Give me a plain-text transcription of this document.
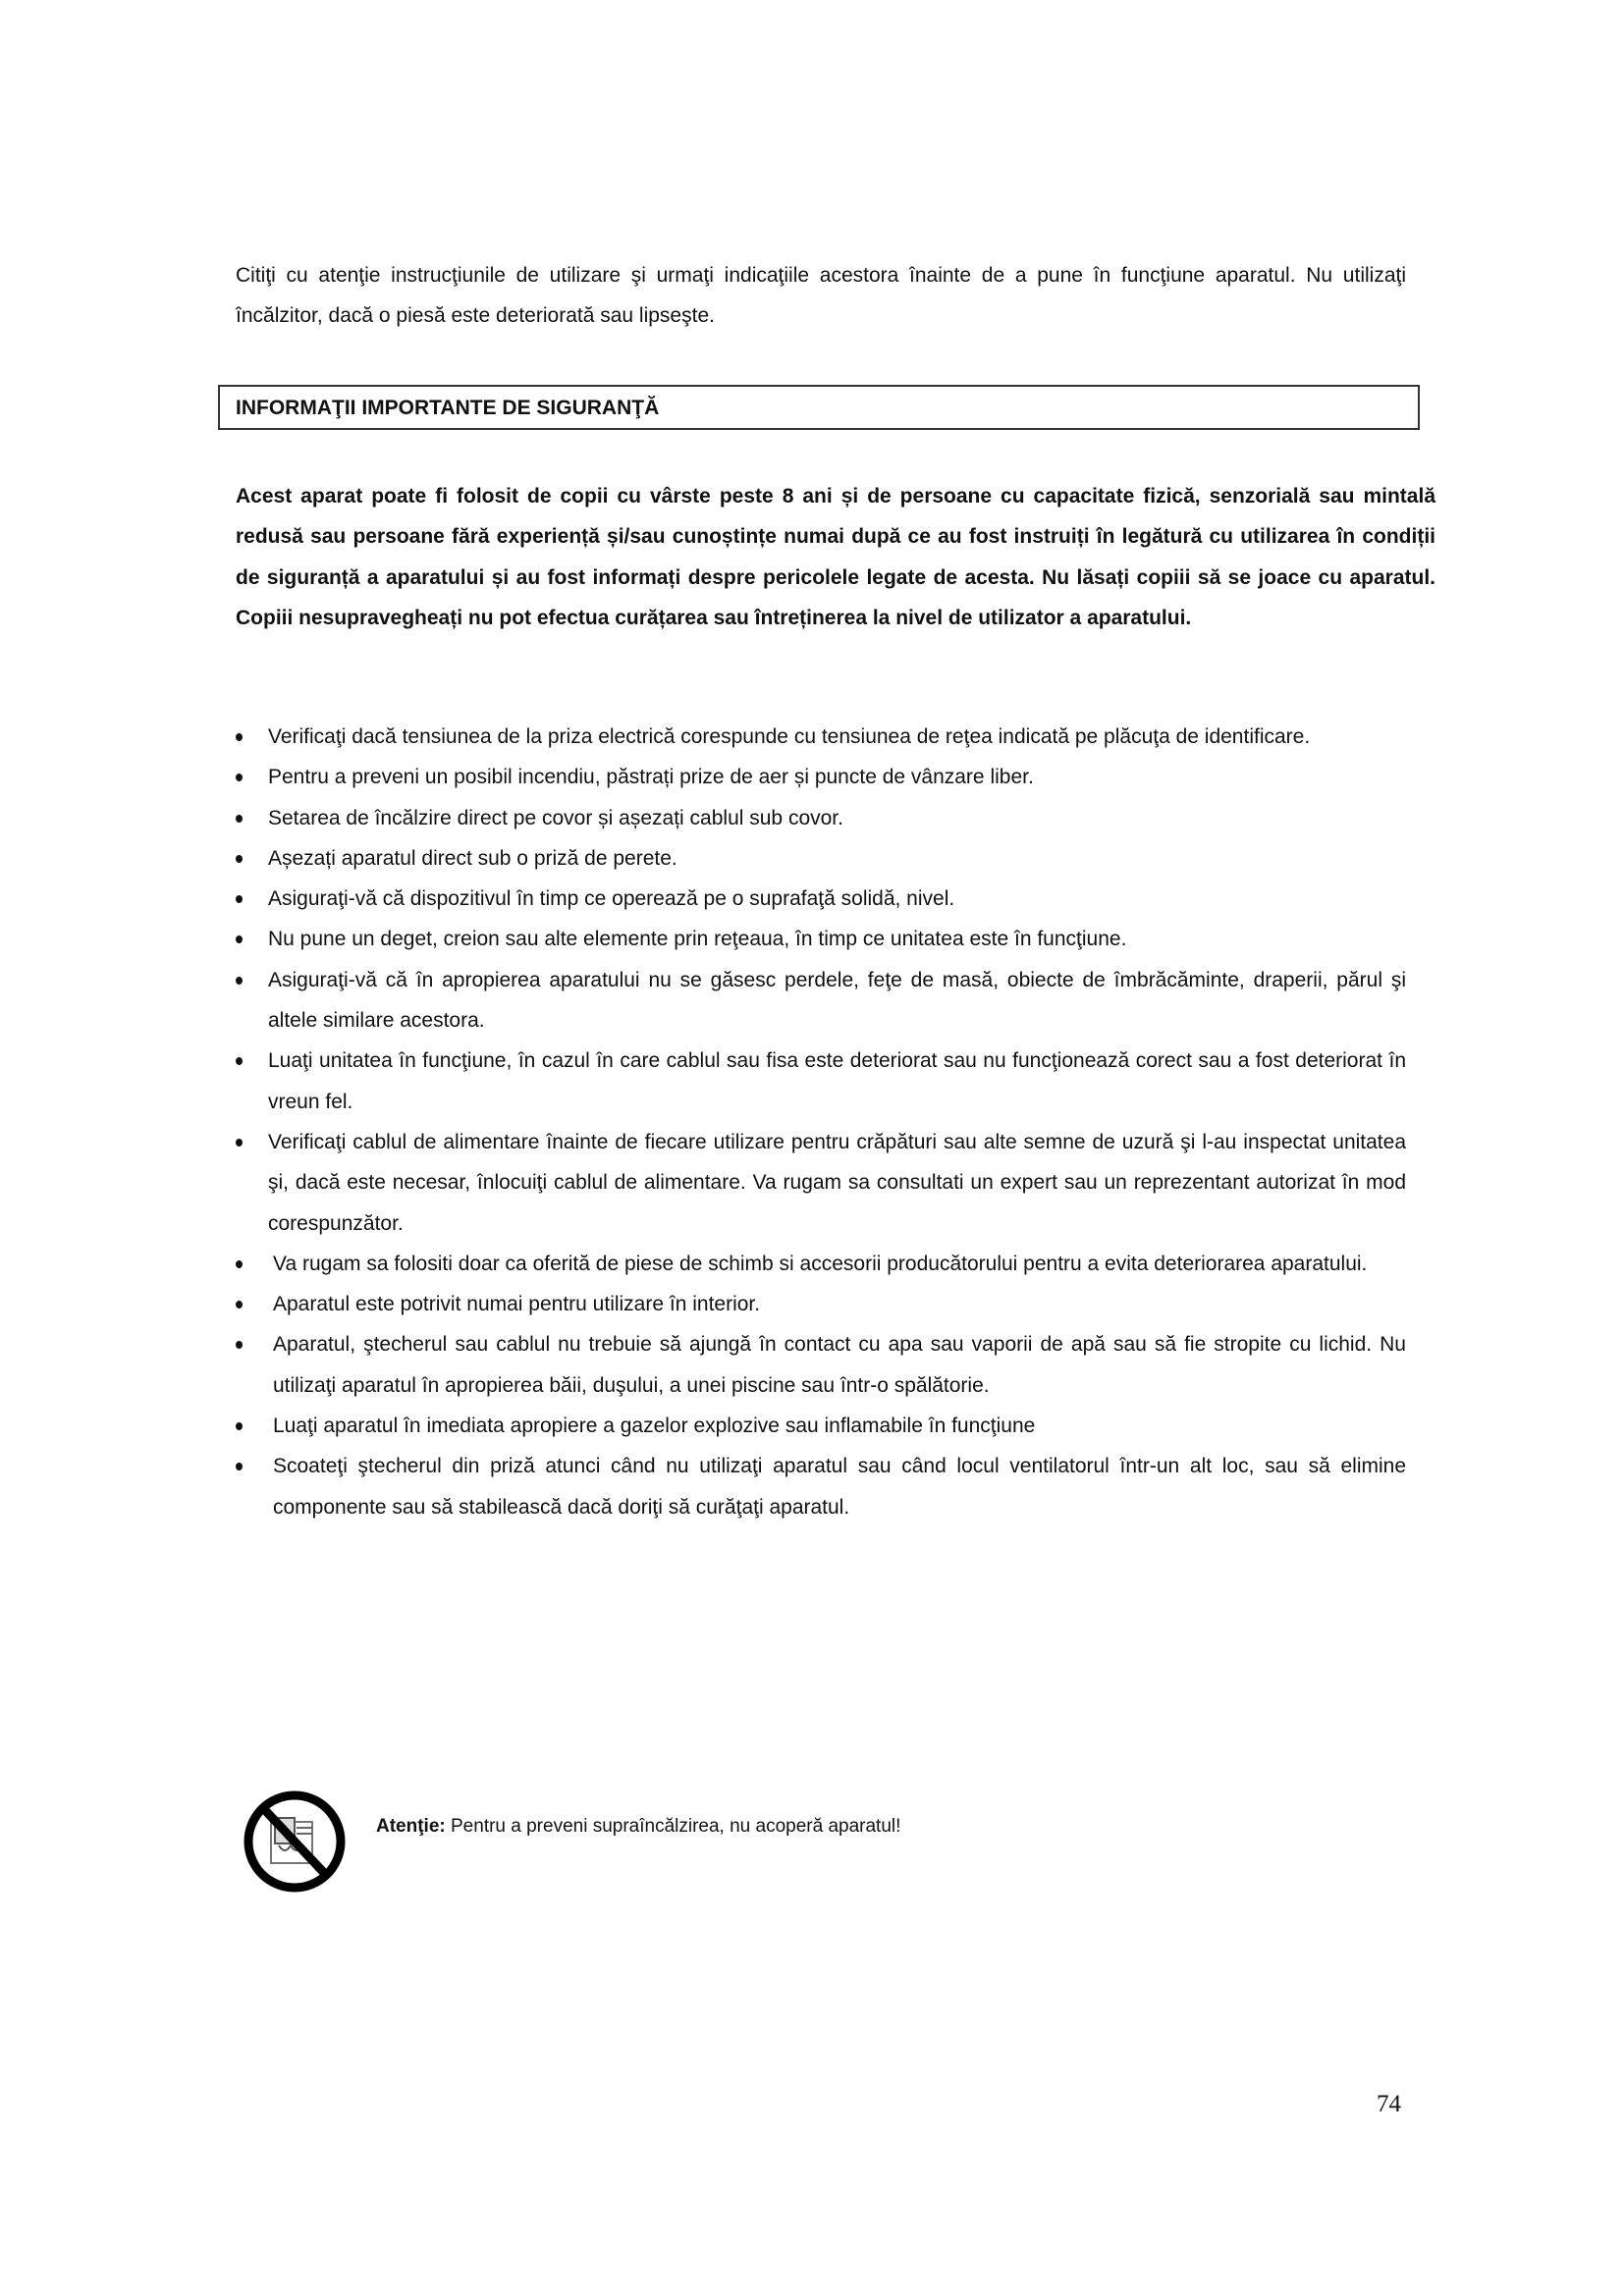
Citiţi cu atenţie instrucţiunile de utilizare şi urmaţi indicaţiile acestora înainte de a pune în funcţiune aparatul. Nu utilizaţi încălzitor, dacă o piesă este deteriorată sau lipseşte.
INFORMAŢII IMPORTANTE DE SIGURANŢĂ
Acest aparat poate fi folosit de copii cu vârste peste 8 ani și de persoane cu capacitate fizică, senzorială sau mintală redusă sau persoane fără experiență și/sau cunoștințe numai după ce au fost instruiți în legătură cu utilizarea în condiții de siguranță a aparatului și au fost informați despre pericolele legate de acesta. Nu lăsați copiii să se joace cu aparatul. Copiii nesupravegheați nu pot efectua curățarea sau întreținerea la nivel de utilizator a aparatului.
Verificaţi dacă tensiunea de la priza electrică corespunde cu tensiunea de reţea indicată pe plăcuţa de identificare.
Pentru a preveni un posibil incendiu, păstrați prize de aer și puncte de vânzare liber.
Setarea de încălzire direct pe covor și așezați cablul sub covor.
Așezați aparatul direct sub o priză de perete.
Asiguraţi-vă că dispozitivul în timp ce operează pe o suprafaţă solidă, nivel.
Nu pune un deget, creion sau alte elemente prin reţeaua, în timp ce unitatea este în funcţiune.
Asiguraţi-vă că în apropierea aparatului nu se găsesc perdele, feţe de masă, obiecte de îmbrăcăminte, draperii, părul şi altele similare acestora.
Luaţi unitatea în funcţiune, în cazul în care cablul sau fisa este deteriorat sau nu funcţionează corect sau a fost deteriorat în vreun fel.
Verificaţi cablul de alimentare înainte de fiecare utilizare pentru crăpături sau alte semne de uzură şi l-au inspectat unitatea şi, dacă este necesar, înlocuiţi cablul de alimentare. Va rugam sa consultati un expert sau un reprezentant autorizat în mod corespunzător.
Va rugam sa folositi doar ca oferită de piese de schimb si accesorii producătorului pentru a evita deteriorarea aparatului.
Aparatul este potrivit numai pentru utilizare în interior.
Aparatul, ştecherul sau cablul nu trebuie să ajungă în contact cu apa sau vaporii de apă sau să fie stropite cu lichid. Nu utilizaţi aparatul în apropierea băii, duşului, a unei piscine sau într-o spălătorie.
Luaţi aparatul în imediata apropiere a gazelor explozive sau inflamabile în funcţiune
Scoateţi ştecherul din priză atunci când nu utilizaţi aparatul sau când locul ventilatorul într-un alt loc, sau să elimine componente sau să stabilească dacă doriţi să curăţaţi aparatul.
Atenţie: Pentru a preveni supraîncălzirea, nu acoperă aparatul!
74
